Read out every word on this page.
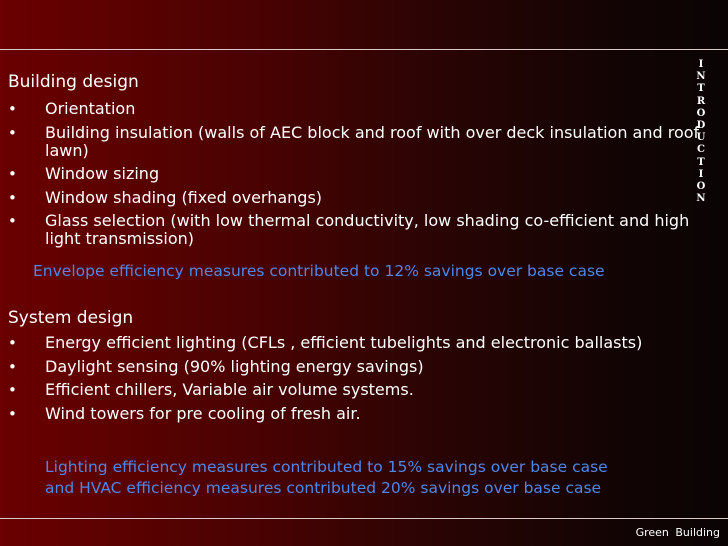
I
N
T
R
O
D
U
C
T
I
O
N
Building design
• Orientation
• Building insulation (walls of AEC block and roof with over deck insulation and roof lawn)
• Window sizing
• Window shading (fixed overhangs)
• Glass selection (with low thermal conductivity, low shading co-efficient and high light transmission)
Envelope efficiency measures contributed to 12% savings over base case
System design
• Energy efficient lighting (CFLs , efficient tubelights and electronic ballasts)
• Daylight sensing (90% lighting energy savings)
• Efficient chillers, Variable air volume systems.
• Wind towers for pre cooling of fresh air.
Lighting efficiency measures contributed to 15% savings over base case
and HVAC efficiency measures contributed 20% savings over base case
Green Building
